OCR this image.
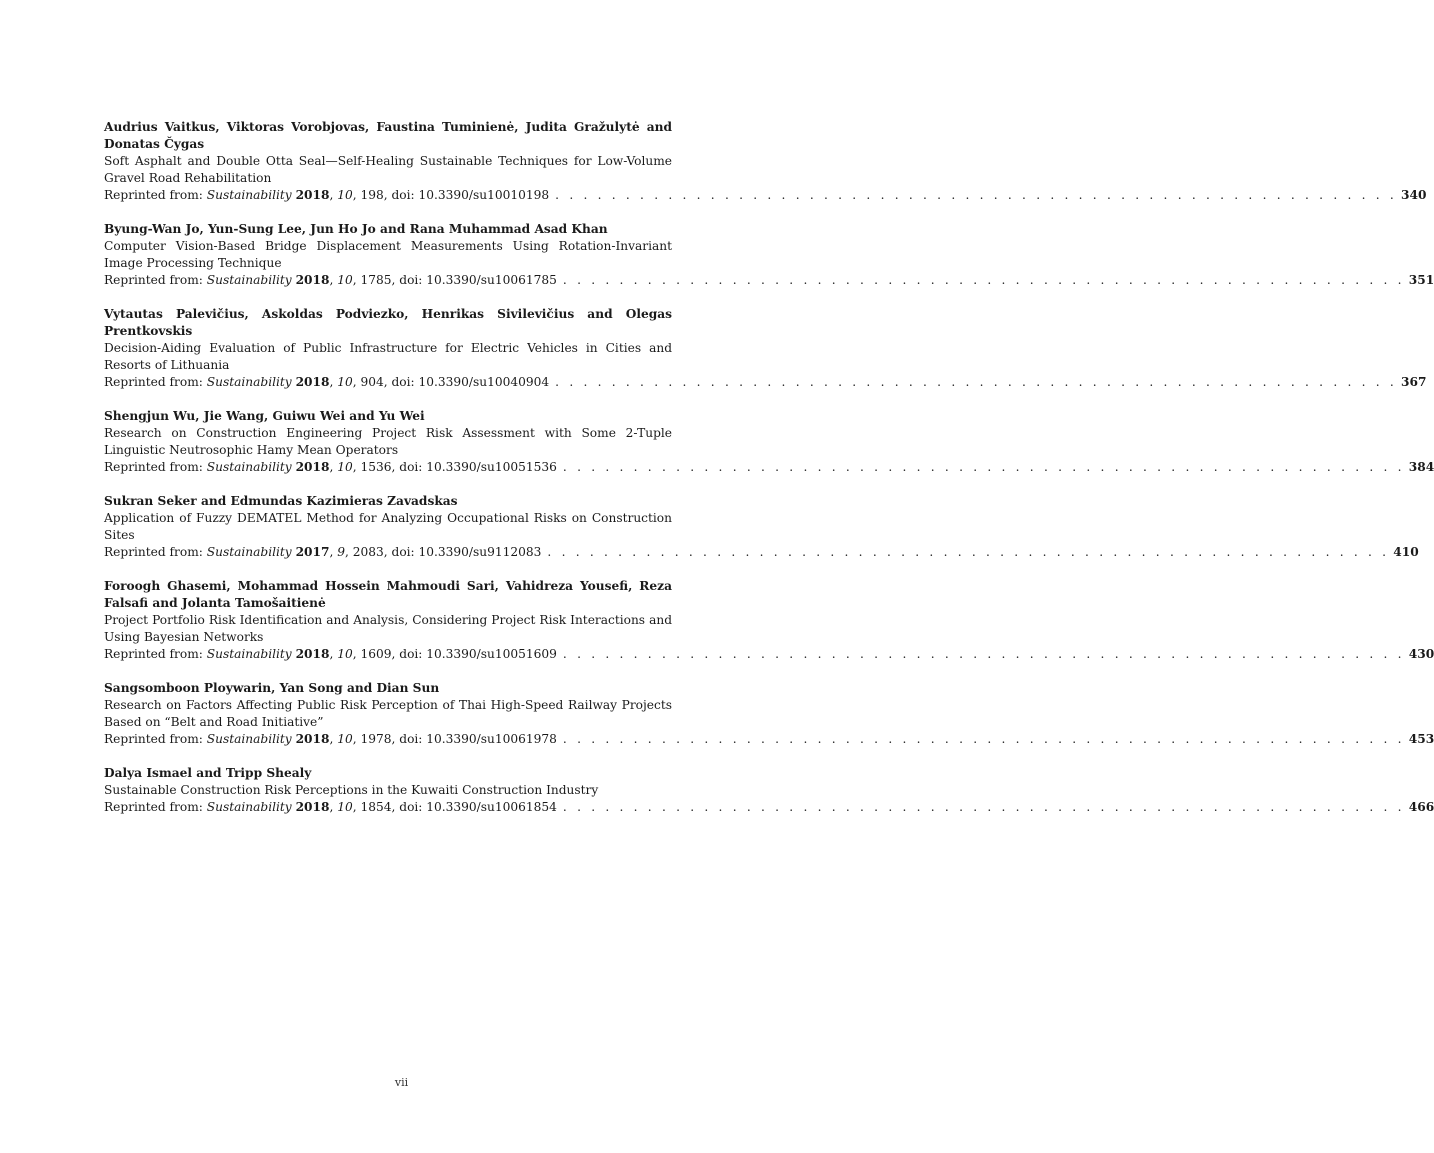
Audrius Vaitkus, Viktoras Vorobjovas, Faustina Tuminienė, Judita Gražulytė and Donatas Čygas
Soft Asphalt and Double Otta Seal—Self-Healing Sustainable Techniques for Low-Volume Gravel Road Rehabilitation
Reprinted from:
Sustainability
2018 , 10 , 198, doi: 10.3390/su10010198 . . . . . . . . . . . . . . . . . . . . . . . . . . . . . . . . . . . . . . . . . . . . . . . . . . . . . . . . . . . . 340
Byung-Wan Jo, Yun-Sung Lee, Jun Ho Jo and Rana Muhammad Asad Khan
Computer Vision-Based Bridge Displacement Measurements Using Rotation-Invariant Image Processing Technique
Reprinted from:
Sustainability
2018 , 10 , 1785, doi: 10.3390/su10061785 . . . . . . . . . . . . . . . . . . . . . . . . . . . . . . . . . . . . . . . . . . . . . . . . . . . . . . . . . . . . 351
Vytautas Palevičius, Askoldas Podviezko, Henrikas Sivilevičius and Olegas Prentkovskis
Decision-Aiding Evaluation of Public Infrastructure for Electric Vehicles in Cities and Resorts of Lithuania
Reprinted from:
Sustainability
2018 , 10 , 904, doi: 10.3390/su10040904 . . . . . . . . . . . . . . . . . . . . . . . . . . . . . . . . . . . . . . . . . . . . . . . . . . . . . . . . . . . . 367
Shengjun Wu, Jie Wang, Guiwu Wei and Yu Wei
Research on Construction Engineering Project Risk Assessment with Some 2-Tuple Linguistic Neutrosophic Hamy Mean Operators
Reprinted from:
Sustainability
2018 , 10 , 1536, doi: 10.3390/su10051536 . . . . . . . . . . . . . . . . . . . . . . . . . . . . . . . . . . . . . . . . . . . . . . . . . . . . . . . . . . . . 384
Sukran Seker and Edmundas Kazimieras Zavadskas
Application of Fuzzy DEMATEL Method for Analyzing Occupational Risks on Construction Sites
Reprinted from:
Sustainability
2017 , 9 , 2083, doi: 10.3390/su9112083 . . . . . . . . . . . . . . . . . . . . . . . . . . . . . . . . . . . . . . . . . . . . . . . . . . . . . . . . . . . . 410
Foroogh Ghasemi, Mohammad Hossein Mahmoudi Sari, Vahidreza Yousefi, Reza Falsafi and Jolanta Tamošaitienė
Project Portfolio Risk Identification and Analysis, Considering Project Risk Interactions and Using Bayesian Networks
Reprinted from:
Sustainability
2018 , 10 , 1609, doi: 10.3390/su10051609 . . . . . . . . . . . . . . . . . . . . . . . . . . . . . . . . . . . . . . . . . . . . . . . . . . . . . . . . . . . . 430
Sangsomboon Ploywarin, Yan Song and Dian Sun
Research on Factors Affecting Public Risk Perception of Thai High-Speed Railway Projects Based on “Belt and Road Initiative”
Reprinted from:
Sustainability
2018 , 10 , 1978, doi: 10.3390/su10061978 . . . . . . . . . . . . . . . . . . . . . . . . . . . . . . . . . . . . . . . . . . . . . . . . . . . . . . . . . . . . 453
Dalya Ismael and Tripp Shealy
Sustainable Construction Risk Perceptions in the Kuwaiti Construction Industry
Reprinted from:
Sustainability
2018 , 10 , 1854, doi: 10.3390/su10061854 . . . . . . . . . . . . . . . . . . . . . . . . . . . . . . . . . . . . . . . . . . . . . . . . . . . . . . . . . . . . 466
vii
